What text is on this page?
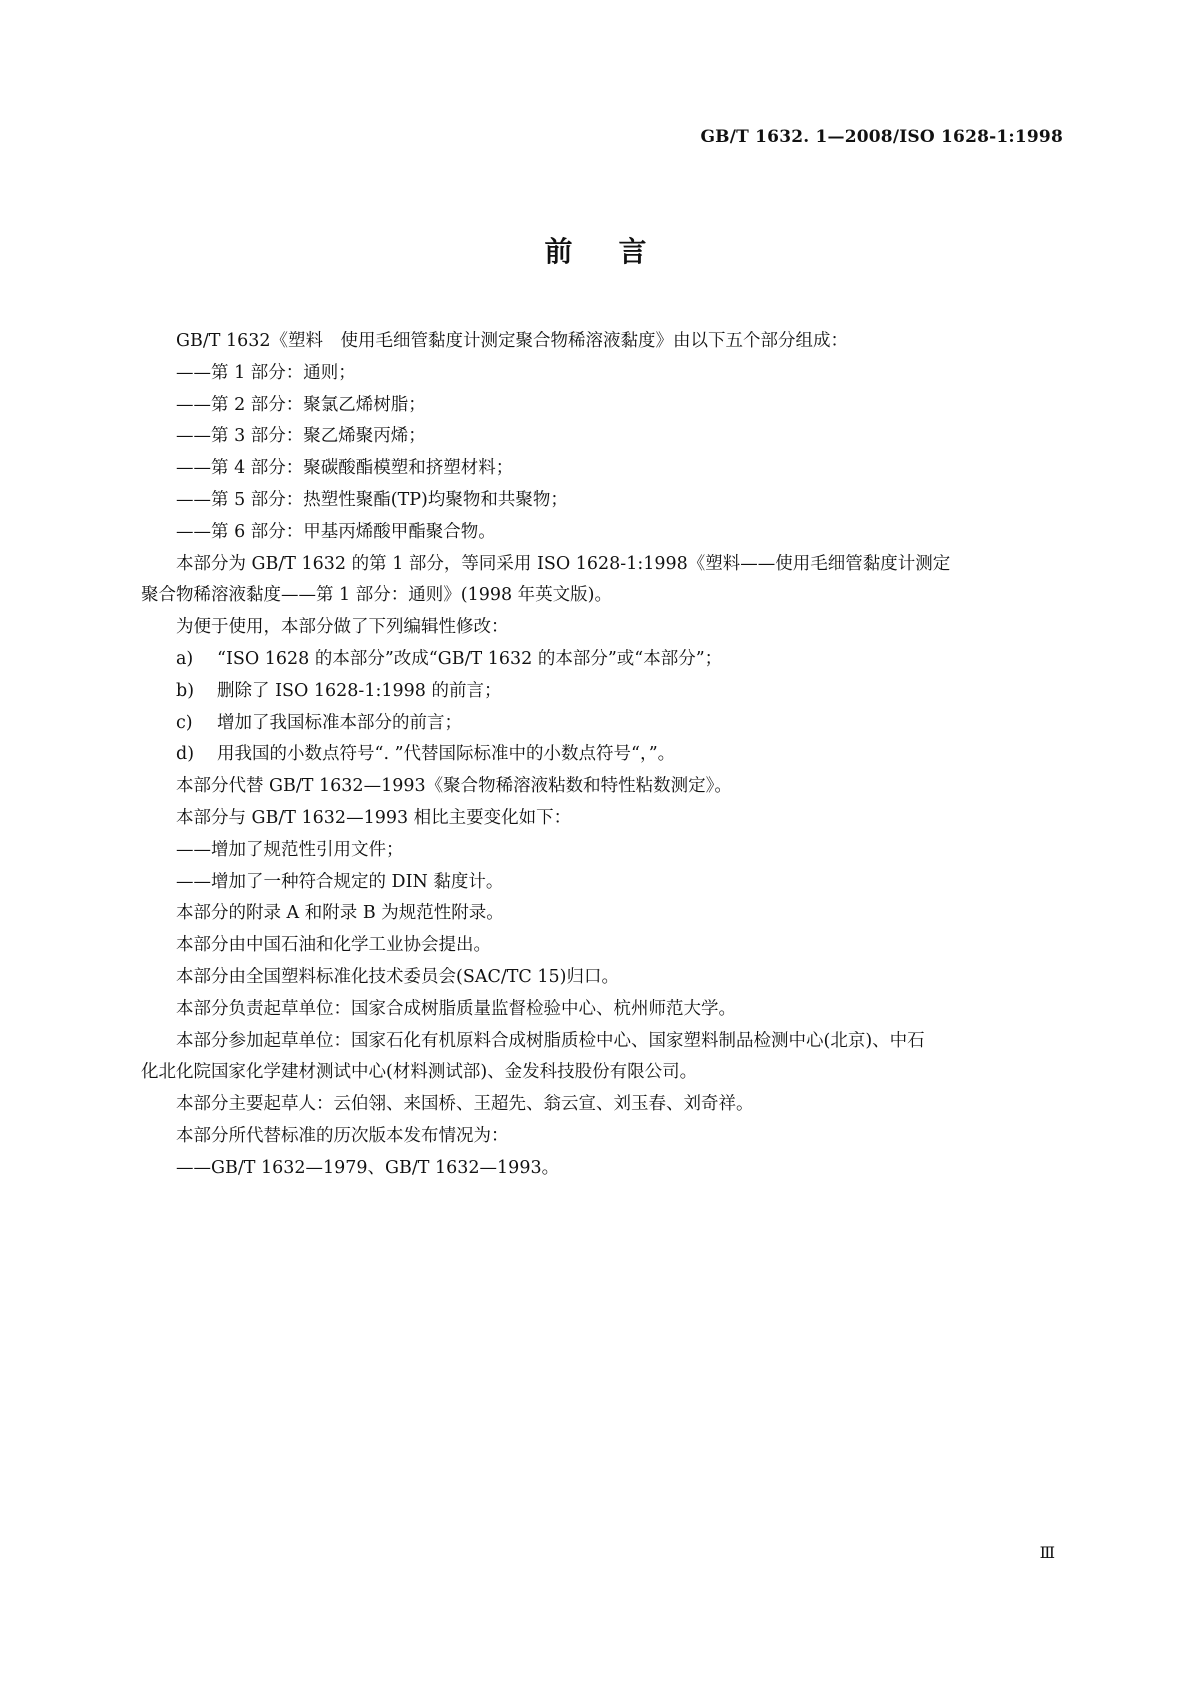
GB/T 1632. 1—2008/ISO 1628-1:1998
前言

GB/T 1632《塑料　使用毛细管黏度计测定聚合物稀溶液黏度》由以下五个部分组成：

——第 1 部分：通则；

——第 2 部分：聚氯乙烯树脂；

——第 3 部分：聚乙烯聚丙烯；

——第 4 部分：聚碳酸酯模塑和挤塑材料；

——第 5 部分：热塑性聚酯(TP)均聚物和共聚物；

——第 6 部分：甲基丙烯酸甲酯聚合物。

本部分为 GB/T 1632 的第 1 部分，等同采用 ISO 1628-1:1998《塑料——使用毛细管黏度计测定
聚合物稀溶液黏度——第 1 部分：通则》(1998 年英文版)。

为便于使用，本部分做了下列编辑性修改：

a) “ISO 1628 的本部分”改成“GB/T 1632 的本部分”或“本部分”；

b) 删除了 ISO 1628-1:1998 的前言；

c) 增加了我国标准本部分的前言；

d) 用我国的小数点符号“. ”代替国际标准中的小数点符号“，”。

本部分代替 GB/T 1632—1993《聚合物稀溶液粘数和特性粘数测定》。

本部分与 GB/T 1632—1993 相比主要变化如下：

——增加了规范性引用文件；

——增加了一种符合规定的 DIN 黏度计。

本部分的附录 A 和附录 B 为规范性附录。

本部分由中国石油和化学工业协会提出。

本部分由全国塑料标准化技术委员会(SAC/TC 15)归口。

本部分负责起草单位：国家合成树脂质量监督检验中心、杭州师范大学。

本部分参加起草单位：国家石化有机原料合成树脂质检中心、国家塑料制品检测中心(北京)、中石
化北化院国家化学建材测试中心(材料测试部)、金发科技股份有限公司。

本部分主要起草人：云伯翎、来国桥、王超先、翁云宣、刘玉春、刘奇祥。

本部分所代替标准的历次版本发布情况为：

——GB/T 1632—1979、GB/T 1632—1993。

Ⅲ
